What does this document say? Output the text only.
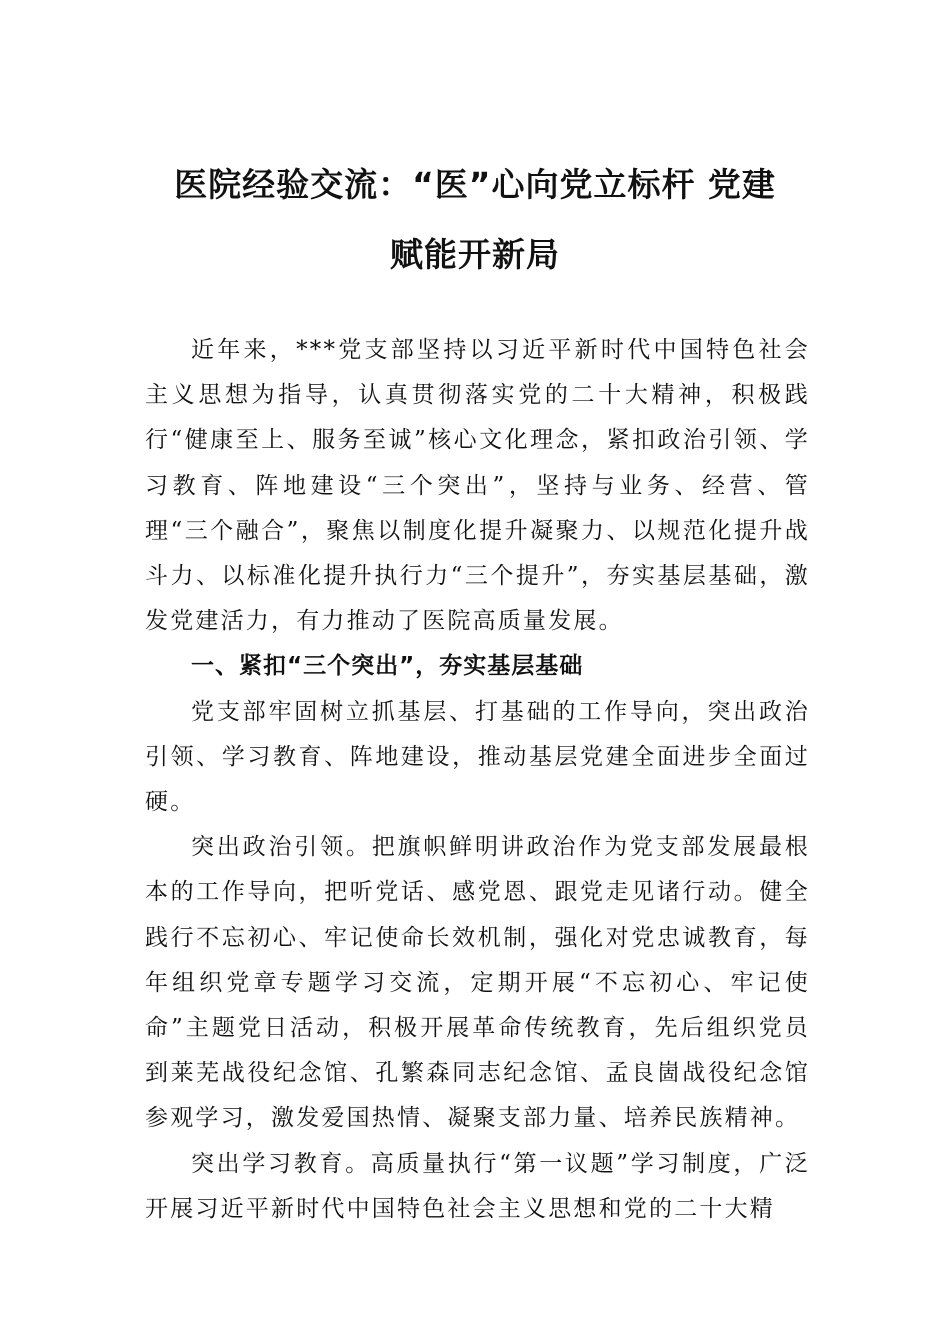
医院经验交流：“医”心向党立标杆 党建
赋能开新局

近年来，***党支部坚持以习近平新时代中国特色社会主义思想为指导，认真贯彻落实党的二十大精神，积极践行“健康至上、服务至诚”核心文化理念，紧扣政治引领、学习教育、阵地建设“三个突出”，坚持与业务、经营、管理“三个融合”，聚焦以制度化提升凝聚力、以规范化提升战斗力、以标准化提升执行力“三个提升”，夯实基层基础，激发党建活力，有力推动了医院高质量发展。

一、紧扣“三个突出”，夯实基层基础

党支部牢固树立抓基层、打基础的工作导向，突出政治引领、学习教育、阵地建设，推动基层党建全面进步全面过硬。

突出政治引领。把旗帜鲜明讲政治作为党支部发展最根本的工作导向，把听党话、感党恩、跟党走见诸行动。健全践行不忘初心、牢记使命长效机制，强化对党忠诚教育，每年组织党章专题学习交流，定期开展“不忘初心、牢记使命”主题党日活动，积极开展革命传统教育，先后组织党员到莱芜战役纪念馆、孔繁森同志纪念馆、孟良崮战役纪念馆参观学习，激发爱国热情、凝聚支部力量、培养民族精神。

突出学习教育。高质量执行“第一议题”学习制度，广泛开展习近平新时代中国特色社会主义思想和党的二十大精
